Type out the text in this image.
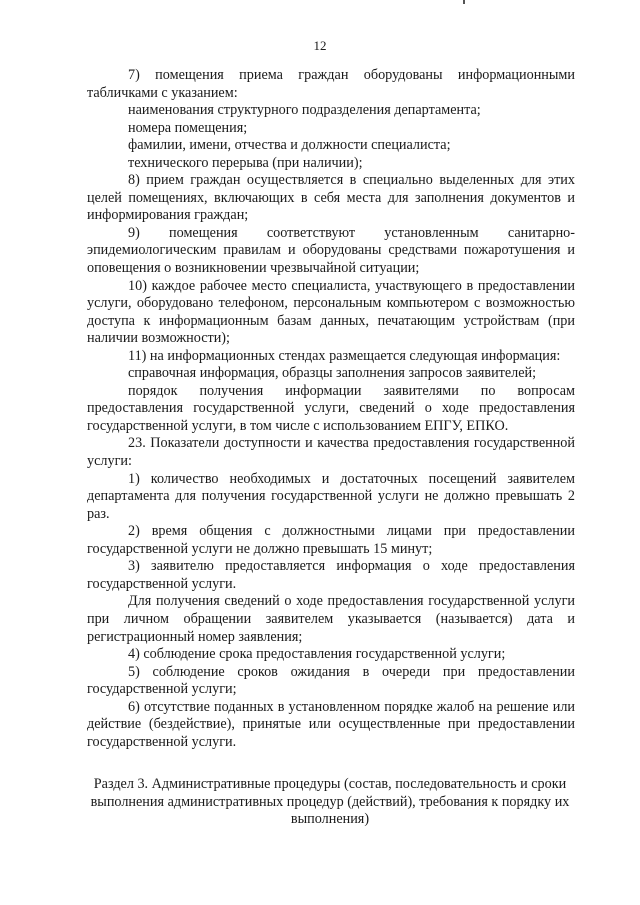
12

7) помещения приема граждан оборудованы информационными табличками с указанием:

наименования структурного подразделения департамента;

номера помещения;

фамилии, имени, отчества и должности специалиста;

технического перерыва (при наличии);

8) прием граждан осуществляется в специально выделенных для этих целей помещениях, включающих в себя места для заполнения документов и информирования граждан;

9) помещения соответствуют установленным санитарно-эпидемиологическим правилам и оборудованы средствами пожаротушения и оповещения о возникновении чрезвычайной ситуации;

10) каждое рабочее место специалиста, участвующего в предоставлении услуги, оборудовано телефоном, персональным компьютером с возможностью доступа к информационным базам данных, печатающим устройствам (при наличии возможности);

11) на информационных стендах размещается следующая информация:

справочная информация, образцы заполнения запросов заявителей;

порядок получения информации заявителями по вопросам предоставления государственной услуги, сведений о ходе предоставления государственной услуги, в том числе с использованием ЕПГУ, ЕПКО.

23. Показатели доступности и качества предоставления государственной услуги:

1) количество необходимых и достаточных посещений заявителем департамента для получения государственной услуги не должно превышать 2 раз.

2) время общения с должностными лицами при предоставлении государственной услуги не должно превышать 15 минут;

3) заявителю предоставляется информация о ходе предоставления государственной услуги.

Для получения сведений о ходе предоставления государственной услуги при личном обращении заявителем указывается (называется) дата и регистрационный номер заявления;

4) соблюдение срока предоставления государственной услуги;

5) соблюдение сроков ожидания в очереди при предоставлении государственной услуги;

6) отсутствие поданных в установленном порядке жалоб на решение или действие (бездействие), принятые или осуществленные при предоставлении государственной услуги.

Раздел 3. Административные процедуры (состав, последовательность и сроки выполнения административных процедур (действий), требования к порядку их выполнения)
